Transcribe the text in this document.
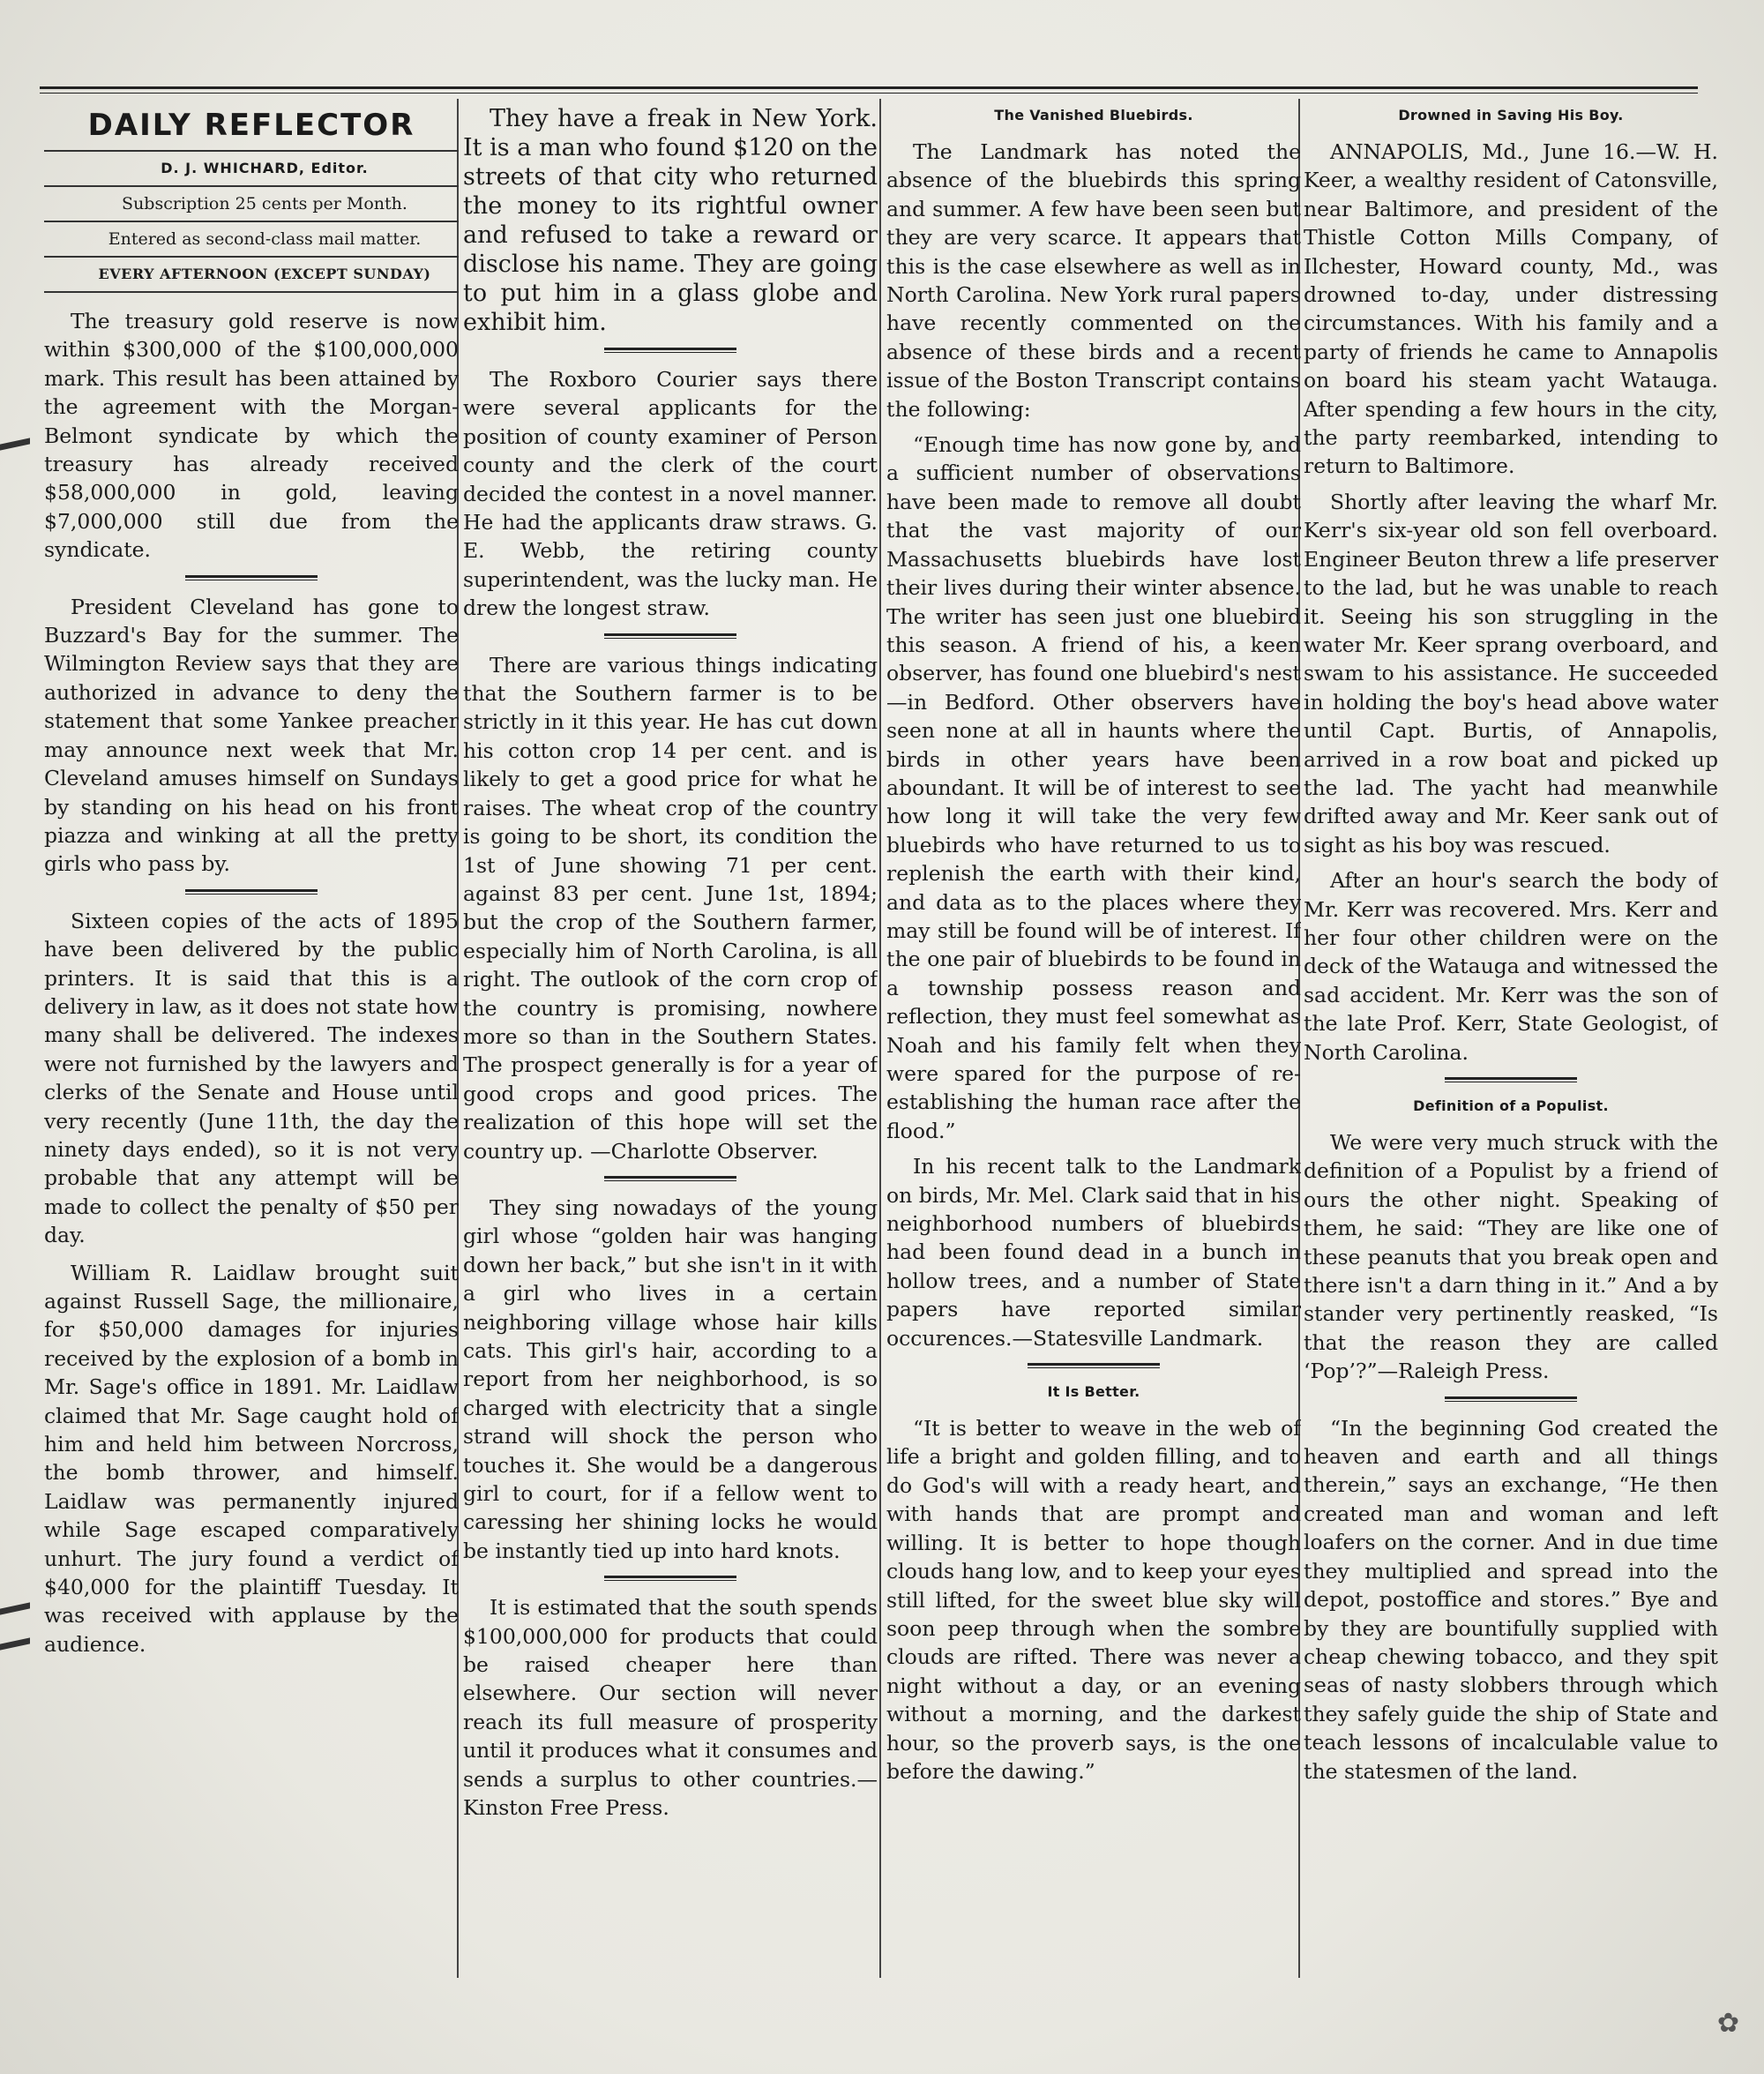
DAILY REFLECTOR

D. J. WHICHARD, Editor.

Subscription 25 cents per Month.

Entered as second-class mail matter.

EVERY AFTERNOON (EXCEPT SUNDAY)

The treasury gold reserve is now within $300,000 of the $100,000,000 mark. This result has been attained by the agreement with the Morgan-Belmont syndicate by which the treasury has already received $58,000,000 in gold, leaving $7,000,000 still due from the syndicate.

President Cleveland has gone to Buzzard's Bay for the summer. The Wilmington Review says that they are authorized in advance to deny the statement that some Yankee preacher may announce next week that Mr. Cleveland amuses himself on Sundays by standing on his head on his front piazza and winking at all the pretty girls who pass by.

Sixteen copies of the acts of 1895 have been delivered by the public printers. It is said that this is a delivery in law, as it does not state how many shall be delivered. The indexes were not furnished by the lawyers and clerks of the Senate and House until very recently (June 11th, the day the ninety days ended), so it is not very probable that any attempt will be made to collect the penalty of $50 per day.

William R. Laidlaw brought suit against Russell Sage, the millionaire, for $50,000 damages for injuries received by the explosion of a bomb in Mr. Sage's office in 1891. Mr. Laidlaw claimed that Mr. Sage caught hold of him and held him between Norcross, the bomb thrower, and himself. Laidlaw was permanently injured while Sage escaped comparatively unhurt. The jury found a verdict of $40,000 for the plaintiff Tuesday. It was received with applause by the audience.

They have a freak in New York. It is a man who found $120 on the streets of that city who returned the money to its rightful owner and refused to take a reward or disclose his name. They are going to put him in a glass globe and exhibit him.

The Roxboro Courier says there were several applicants for the position of county examiner of Person county and the clerk of the court decided the contest in a novel manner. He had the applicants draw straws. G. E. Webb, the retiring county superintendent, was the lucky man. He drew the longest straw.

There are various things indicating that the Southern farmer is to be strictly in it this year. He has cut down his cotton crop 14 per cent. and is likely to get a good price for what he raises. The wheat crop of the country is going to be short, its condition the 1st of June showing 71 per cent. against 83 per cent. June 1st, 1894; but the crop of the Southern farmer, especially him of North Carolina, is all right. The outlook of the corn crop of the country is promising, nowhere more so than in the Southern States. The prospect generally is for a year of good crops and good prices. The realization of this hope will set the country up. —Charlotte Observer.

They sing nowadays of the young girl whose “golden hair was hanging down her back,” but she isn't in it with a girl who lives in a certain neighboring village whose hair kills cats. This girl's hair, according to a report from her neighborhood, is so charged with electricity that a single strand will shock the person who touches it. She would be a dangerous girl to court, for if a fellow went to caressing her shining locks he would be instantly tied up into hard knots.

It is estimated that the south spends $100,000,000 for products that could be raised cheaper here than elsewhere. Our section will never reach its full measure of prosperity until it produces what it consumes and sends a surplus to other countries.—Kinston Free Press.

The Vanished Bluebirds.

The Landmark has noted the absence of the bluebirds this spring and summer. A few have been seen but they are very scarce. It appears that this is the case elsewhere as well as in North Carolina. New York rural papers have recently commented on the absence of these birds and a recent issue of the Boston Transcript contains the following:

“Enough time has now gone by, and a sufficient number of observations have been made to remove all doubt that the vast majority of our Massachusetts bluebirds have lost their lives during their winter absence. The writer has seen just one bluebird this season. A friend of his, a keen observer, has found one bluebird's nest—in Bedford. Other observers have seen none at all in haunts where the birds in other years have been aboundant. It will be of interest to see how long it will take the very few bluebirds who have returned to us to replenish the earth with their kind, and data as to the places where they may still be found will be of interest. If the one pair of bluebirds to be found in a township possess reason and reflection, they must feel somewhat as Noah and his family felt when they were spared for the purpose of re-establishing the human race after the flood.”

In his recent talk to the Landmark on birds, Mr. Mel. Clark said that in his neighborhood numbers of bluebirds had been found dead in a bunch in hollow trees, and a number of State papers have reported similar occurences.—Statesville Landmark.

It Is Better.

“It is better to weave in the web of life a bright and golden filling, and to do God's will with a ready heart, and with hands that are prompt and willing. It is better to hope though clouds hang low, and to keep your eyes still lifted, for the sweet blue sky will soon peep through when the sombre clouds are rifted. There was never a night without a day, or an evening without a morning, and the darkest hour, so the proverb says, is the one before the dawing.”

Drowned in Saving His Boy.

ANNAPOLIS, Md., June 16.—W. H. Keer, a wealthy resident of Catonsville, near Baltimore, and president of the Thistle Cotton Mills Company, of Ilchester, Howard county, Md., was drowned to-day, under distressing circumstances. With his family and a party of friends he came to Annapolis on board his steam yacht Watauga. After spending a few hours in the city, the party reembarked, intending to return to Baltimore.

Shortly after leaving the wharf Mr. Kerr's six-year old son fell overboard. Engineer Beuton threw a life preserver to the lad, but he was unable to reach it. Seeing his son struggling in the water Mr. Keer sprang overboard, and swam to his assistance. He succeeded in holding the boy's head above water until Capt. Burtis, of Annapolis, arrived in a row boat and picked up the lad. The yacht had meanwhile drifted away and Mr. Keer sank out of sight as his boy was rescued.

After an hour's search the body of Mr. Kerr was recovered. Mrs. Kerr and her four other children were on the deck of the Watauga and witnessed the sad accident. Mr. Kerr was the son of the late Prof. Kerr, State Geologist, of North Carolina.

Definition of a Populist.

We were very much struck with the definition of a Populist by a friend of ours the other night. Speaking of them, he said: “They are like one of these peanuts that you break open and there isn't a darn thing in it.” And a by stander very pertinently reasked, “Is that the reason they are called ‘Pop’?”—Raleigh Press.

“In the beginning God created the heaven and earth and all things therein,” says an exchange, “He then created man and woman and left loafers on the corner. And in due time they multiplied and spread into the depot, postoffice and stores.” Bye and by they are bountifully supplied with cheap chewing tobacco, and they spit seas of nasty slobbers through which they safely guide the ship of State and teach lessons of incalculable value to the statesmen of the land.

✿
